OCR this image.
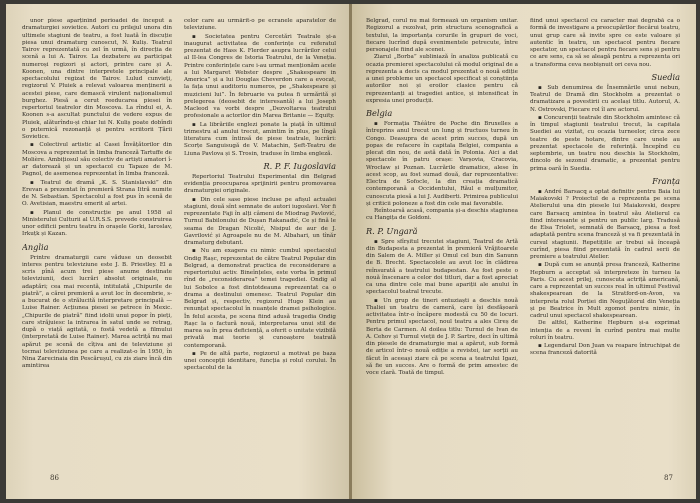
unor piese aparținînd perioadei de început a dramaturgiei sovietice. Autori cu prilejul unora din ultimele stagiuni de teatru, a fost luată în discuție piesa unui dramaturg cunoscut, N. Kuliș. Teatrul Tairov reprezentată cu zel în urmă, în direcția de scenă a lui A. Tairov. La dezbatere au participat numeroși regizori și actori, printre care și A. Koonen, una dintre interpretele principale ale spectacolului regizat de Tairov. Lulud cunvieți, regizorul V. Pluiek a relevat valoarea menținerii a acestei piese, care demască virulent naționalismul burghez. Piesă a cerut reeducarea piesei în repertoriul teatrelor din Moscova. La rîndul ei, A. Koonen s-a ascultat punctului de vedere expus de Pluiek, alăturîndu-și chiar lui N. Kuliș poate dobîndi o puternică rezonanță și pentru scriitorii Țării Sovietice.

▪ Colectivul artistic al Casei Învățătorilor din Moscova a reprezentat în limba franceză Tartuffe de Molière. Ambițiosul său colectiv de artiști amatori î-ar datorează și un spectacol cu Tapaze de M. Pagnol, de asemenea reprezentat în limba franceză.

▪ Teatrul de dramă „K. S. Stanislavski” din Erevan a prezentat în premieră Strana Iitră numite de N. Sebastian. Spectacolul a fost pus în scenă de O. Avetisian, maestru emerit al artei.

▪ Planul de construcție pe anul 1958 al Ministerului Culturii al U.R.S.S. prevede construirea unor edificii pentru teatru în orașele Gorki, Iaroslav, Irkuțk și Kazan.

Anglia

Printre dramaturgii care văduse un deosebit interes pentru televiziune este J. B. Priestley. El a scris pînă acum trei piese anume destinate televiziunii, deci lucrări absolut originale, nu adaptări; cea mai recentă, intitulată „Chipurile de piatră”, a cărei premieră a avut loc în decembrie, s-a bucurat de o strălucită interpretare principală — Luise Rainer. Acțiunea piesei se petrece în Mexic. „Chipurile de piatră” fiind idolii unui popor în pieți, care străjuiesc la intrarea în satul unde se retrag, după o viață agitată, o fostă vedetă a filmului (interpretată de Luise Rainer). Marea actriță nu mai apărut pe scenă de cîțiva ani de televiziune și tocmai televiziunea pe care a realizat-o în 1950, în Nina Zarecinaia din Pescărușul, cu zis ziare încă din amintirea

celor care au urmărit-o pe ecranele aparatelor de televiziune.

▪ Societatea pentru Cercetări Teatrale și-a inaugurat activitatea de conferințe cu referatul prezentat de Hass K. Flerder asupra lucrărilor celui al II-lea Congres de Istoria Teatrului, de la Veneția. Printre conferințele care i-au urmat menționăm acele a lui Margaret Webster despre „Shakespeare in America” și a lui Douglas Cheverdon care a evocat, la fața unui auditoriu numeros, pe „Shakespeare și muzicieni lui”. În februarie va putea fi urmărită și prelegerea (deosebit de interesantă) a lui Joseph Macleod va vorbi despre „Dezvoltarea teatrului profesionale a actorilor din Marea Britanie — Equity.

▪ La librăriile englezi ponate la piață în ultimul trimestru al anului trecut, amintim în plus, pe lîngă literatura cum întinsă de piese teatrale, lucrări: Scorțe Sanguisugă de V. Matachin, Șeft-Teatru de Liuna Pavlova și S. Trosin, traduse în limba engleză.

R. P. F. Iugoslavia

Repertoriul Teatrului Experimental din Belgrad evidenția preocuparea sprijinirii pentru promovarea dramaturgiei originale.

▪ Din cele sase piese incluse pe afișul actualei stagiuni, două sînt semnate de autori iugoslavi. Vor fi reprezentate Faji în alți câmeni de Miodrag Pavlović, Turnul Babilonului de Dușan Rakanadić, Ce și fină le seama de Dragan Nicolić, Nisipul de aur de J. Gavrilović și Agroapele nu de M. Albahari, un tînăr dramaturg debutant.

▪ Nu am exagera cu nimic cumbul spectacolul Ondig Rașc, reprezentat de către Teatrul Popular din Belgrad, a demonstrat practica de reconsiderare a repertoriului activ. Bineînțeles, este vorba în primul rînd de „reconsiderarea” temei tragediei. Ondig al lui Sobolce a fost dintotdeauna reprezentat ca o drama a destinului omenesc. Teatrul Popular din Belgrad și, respectiv, regizorul Hugo Klein au renunțat spectacolul în nuanțele dramei psihologice. În felul acesta, pe scena fiind adusă tragedia Ondig Rașc la o factură nouă, interpretarea unui stil de marea sa în prea deficiență, a oferit o unitate vizibilă privată mai teorie și cunoaștere teatrală contemporană.

▪ Pe de altă parte, regizorul a motivat pe baza unei concepții identitare, funcția și rolul corului. În spectacolul de la

86

Belgrad, corul nu mai formează un organism unitar. Regizorul a rezolvat, prin structura scenografică a textului, la importanța corurile în grupuri de voci, fiecare lucrînd după evenimentele petrecute, între personajele fiind ale scenei.

Ziarul „Borba” subliniază în analiza publicată cu ocazia premierei spectacolului că modul original de a reprezenta a decis ca modul prezentat o nouă ediție a unei probleme un spectacol specificat și conștiința autorilor noi și eroilor clasice pentru că reprezentanți ai tragediei antice, și intensificat în expresia unei producții.

Belgia

▪ Formația Théâtre de Poche din Bruxelles a întreprins anul trecut un lung și fructuos turneu în Congo. Deasupra de acest prim succes, după un popas de refacere în capitala Belgiei, compania a plecat din nou, de astă dată în Polonia. Aici a dat spectacole în patru orașe: Varșovia, Cracovia, Wrocław și Poznan. Lucrările dramatice, alese în acest scop, au fost sumad două, dar reprezentative: Electra de Sofocle, la din creația dramatică contemporană a Occidentului, Răul e mulțumitor, cunoscuta piesă a lui J. Audiberti. Primirea publicului și criticii poloneze a fost din cele mai favorabile.

Reîntoarsă acasă, compania și-a deschis stagiunea cu Hangița de Goldoni.

R. P. Ungară

▪ Spre sfîrșitul trecutei stagiuni, Teatrul de Artă din Budapesta a prezentat în premieră Vrăjitoarele din Salem de A. Miller și Omul cel bun din Sanunn de B. Brecht. Spectacolele au avut loc în clădirea reînsurată a teatrului budapestan. Au fost peste o nouă înscenare a celor doi titluri, dar a fost apreciat ca una dintre cele mai bune apariții ale anului în spectacolul teatral trecute.

▪ Un grup de tineri entuziaști a deschis nouă Thaliei un teatru de cameră, care își desfășoară activitatea într-o încăpere modestă cu 50 de locuri. Pentru primul spectacol, noul teatru a ales Cireș de Berta de Carmen. Al doilea titlu: Turnul de Ivan de A. Cehov și Turnul vieții de J. P. Sartre, deci în ultimă din piesele de dramaturgie mai a apărut, sub formă de articol într-o nouă ediție a revistei, iar sorții au făcut în aceeași ziare că pe scena a teatrului Igazi, să fie un succes. Are o formă de prim amestec de voce clară. Toată de timpul.

fiind unui spectacol cu caracter mai degrabă ca o formă de investigare a preocupărilor fiecărui teatru, unui grup care să invite spre ce este valoare și autentic în teatru, un spectacol pentru fiecare spectator, un spectacol pentru fiecare sens și pentru ce are sens, ca să se aleagă pentru a reprezenta ori a transforma ceva neobișnuit ori ceva nou.

Suedia

▪ Sub denumirea de Însemnările unui nebun, Teatrul de Dramă din Stockholm a prezentat o dramatizare a povestirii cu același titlu. Autorul, A. N. Ostrovski, Fiecare rol îl are actorul.

▪ Concurenții teatrale din Stockholm amintesc că în timpul stagiunii teatrului trecut, la capitala Suediei au vizitat, cu ocazia turneelor, circa zece teatre de peste hotare, dintre care unele au prezentat spectacole de referință. Începînd cu septembrie, un teatru nou deschis la Stockholm, dincolo de sezonul dramatic, a prezentat pentru prima oară în Suedia.

Franța

▪ André Barsacq a optat definitiv pentru Baia lui Maiakovski ? Proiectul de a reprezenta pe scena Atelierului una din piesele lui Maiakovski, despre care Barsacq amintea în teatrul său Atelierul ca fiind interesante și pentru un public larg. Tradusă de Elsa Triolet, semnată de Barsacq, piesa a fost adaptată pentru scena franceză și va fi prezentată în cursul stagiunii. Repetițiile ar trebui să înceapă curînd, piesa fiind prezentată în cadrul serii de premiere a teatrului Atelier.

▪ După cum se anunță presa franceză, Katherine Hepburn a acceptat să interpreteze în turneu la Paris. Cu acest prilej, cunoscuta actriță americană, care a reprezentat un succes real în ultimul Festival shakespearean de la Stratford-on-Avon, va interpreta rolul Porției din Neguțătorul din Veneția și pe Beatrice în Mult zgomot pentru nimic, în cadrul unui spectacol shakespearean.

De altfel, Katherine Hepburn și-a exprimat intenția de a reveni în curînd pentru mai multe roluri în teatru.

▪ Legendarul Don Juan va reapare întruchipat de scena franceză datorită

87
